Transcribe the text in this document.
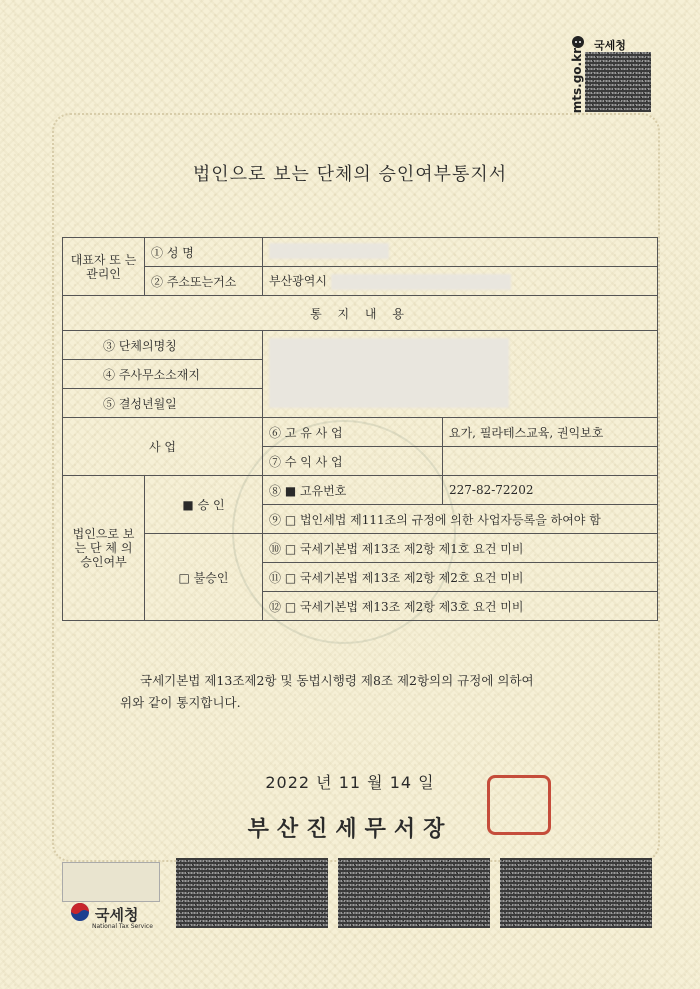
국세청
mts.go.kr
법인으로 보는 단체의 승인여부통지서
대표자 또 는 관리인	① 성 명		
	② 주소또는거소	부산광역시	
통 지 내 용			
③ 단체의명칭			
④ 주사무소소재지			
⑤ 결성년월일			
사 업		⑥ 고 유 사 업	요가, 필라테스교육, 권익보호
		⑦ 수 익 사 업	
법인으로 보 는 단 체 의 승인여부	■ 승 인	⑧ ■ 고유번호	227-82-72202
		⑨ □ 법인세법 제111조의 규정에 의한 사업자등록을 하여야 함	
	□ 불승인	⑩ □ 국세기본법 제13조 제2항 제1호 요건 미비	
		⑪ □ 국세기본법 제13조 제2항 제2호 요건 미비	
		⑫ □ 국세기본법 제13조 제2항 제3호 요건 미비	
국세기본법 제13조제2항 및 동법시행령 제8조 제2항의의 규정에 의하여
위와 같이 통지합니다.
2022 년 11 월 14 일
부산진세무서장
국세청
National Tax Service
